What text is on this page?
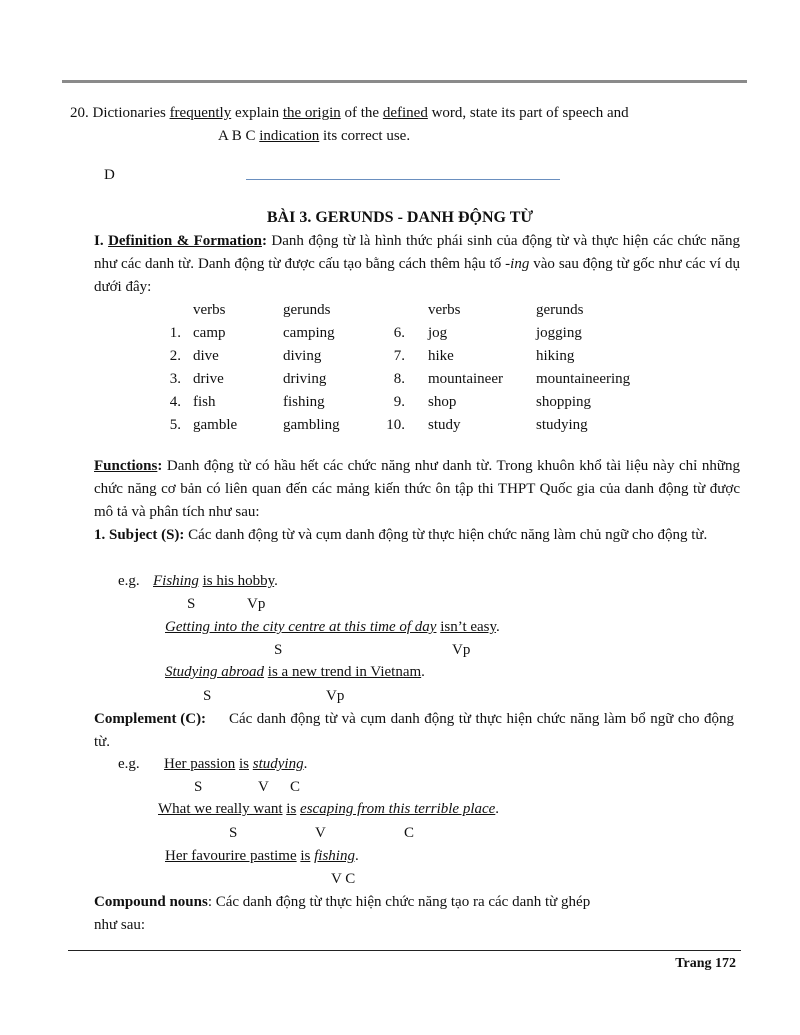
20. Dictionaries frequently explain the origin of the defined word, state its part of speech and
A B C indication its correct use.
D
BÀI 3. GERUNDS - DANH ĐỘNG TỪ
I. Definition & Formation: Danh động từ là hình thức phái sinh của động từ và thực hiện các chức năng như các danh từ. Danh động từ được cấu tạo bằng cách thêm hậu tố -ing vào sau động từ gốc như các ví dụ dưới đây:
verbs	gerunds	verbs	gerunds
1. camp	camping	6. jog	jogging
2. dive	diving	7. hike	hiking
3. drive	driving	8. mountaineer mountaineering
4. fish	fishing	9. shop	shopping
5. gamble	gambling	10. study	studying
Functions: Danh động từ có hầu hết các chức năng như danh từ. Trong khuôn khổ tài liệu này chỉ những chức năng cơ bản có liên quan đến các mảng kiến thức ôn tập thi THPT Quốc gia của danh động từ được mô tả và phân tích như sau:
1. Subject (S): Các danh động từ và cụm danh động từ thực hiện chức năng làm chủ ngữ cho động từ.
e.g. Fishing is his hobby.
S	Vp
Getting into the city centre at this time of day isn’t easy.
S	Vp
Studying abroad is a new trend in Vietnam.
S	Vp
Complement (C):	Các danh động từ và cụm danh động từ thực hiện chức năng làm bổ ngữ cho động từ.
e.g. Her passion is studying.
S	V C
What we really want is escaping from this terrible place.
S	V	C
Her favourire pastime is fishing.
V C
Compound nouns: Các danh động từ thực hiện chức năng tạo ra các danh từ ghép
như sau:
Trang 172
